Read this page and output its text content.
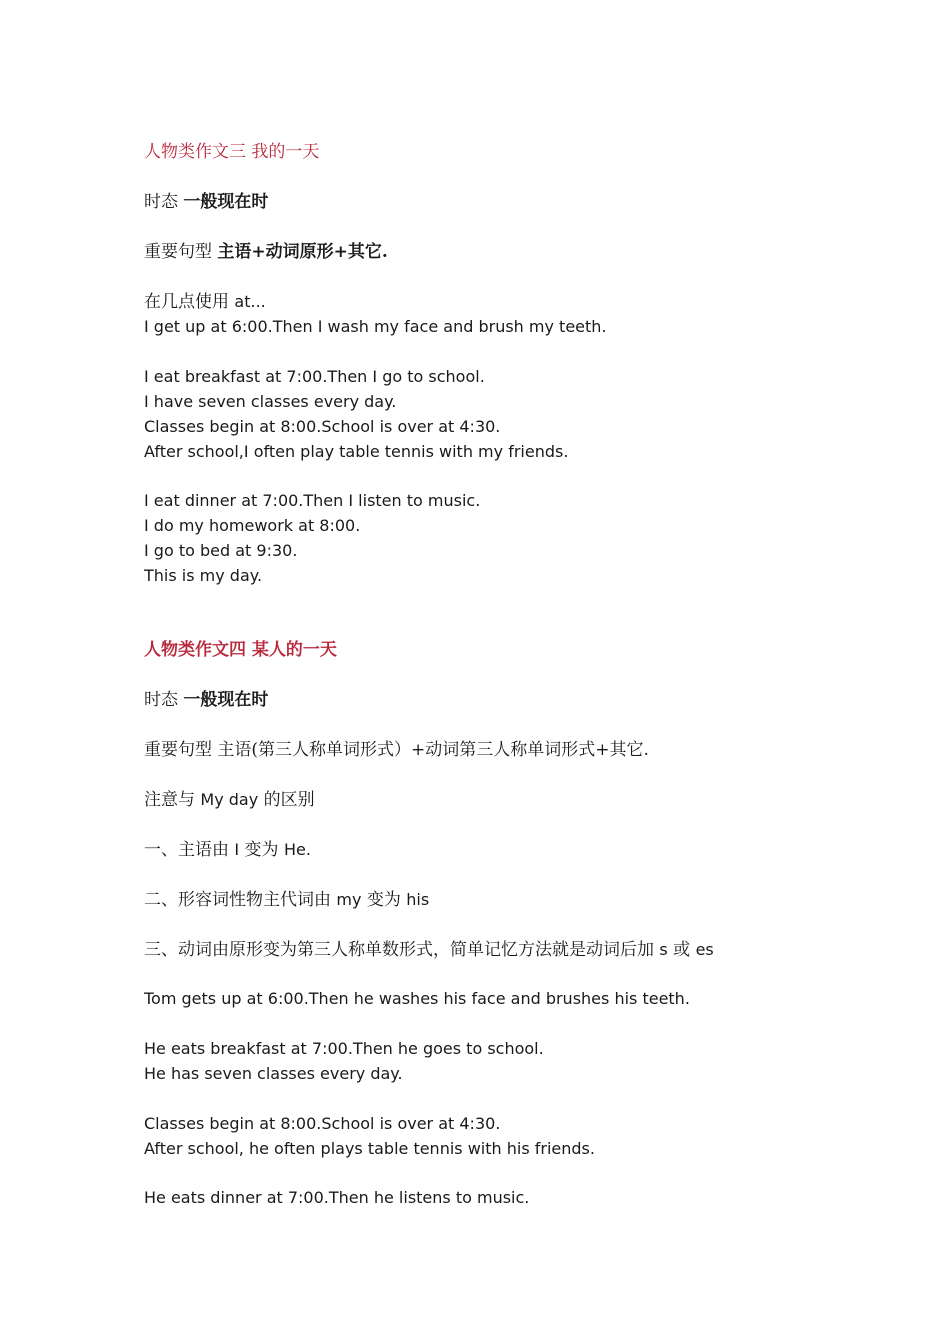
人物类作文三 我的一天

时态 一般现在时

重要句型 主语+动词原形+其它.

在几点使用 at...

I get up at 6:00.Then I wash my face and brush my teeth.

I eat breakfast at 7:00.Then I go to school.

I have seven classes every day.

Classes begin at 8:00.School is over at 4:30.

After school,I often play table tennis with my friends.

I eat dinner at 7:00.Then I listen to music.

I do my homework at 8:00.

I go to bed at 9:30.

This is my day.

人物类作文四 某人的一天

时态 一般现在时

重要句型 主语(第三人称单词形式）+动词第三人称单词形式+其它.

注意与 My day 的区别

一、主语由 I 变为 He.

二、形容词性物主代词由 my 变为 his

三、动词由原形变为第三人称单数形式，简单记忆方法就是动词后加 s 或 es

Tom gets up at 6:00.Then he washes his face and brushes his teeth.

He eats breakfast at 7:00.Then he goes to school.

He has seven classes every day.

Classes begin at 8:00.School is over at 4:30.

After school, he often plays table tennis with his friends.

He eats dinner at 7:00.Then he listens to music.
